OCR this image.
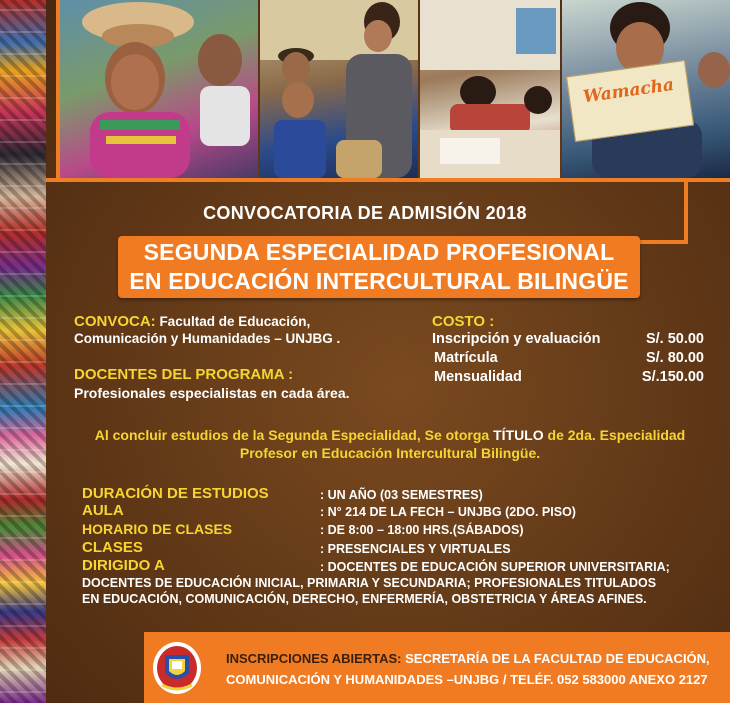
Wamacha
CONVOCATORIA DE ADMISIÓN 2018
SEGUNDA ESPECIALIDAD PROFESIONAL
EN EDUCACIÓN INTERCULTURAL BILINGÜE
CONVOCA: Facultad de Educación,
Comunicación y Humanidades – UNJBG .
DOCENTES DEL PROGRAMA :
Profesionales especialistas en cada área.
COSTO :
Inscripción y evaluación	S/. 50.00
Matrícula	S/. 80.00
Mensualidad	S/.150.00
Al concluir estudios de la Segunda Especialidad, Se otorga TÍTULO de 2da. Especialidad
Profesor en Educación Intercultural Bilingüe.
DURACIÓN DE ESTUDIOS	: UN AÑO (03 SEMESTRES)
AULA	: N° 214 DE LA FECH – UNJBG (2DO. PISO)
HORARIO DE CLASES	: DE 8:00 – 18:00 HRS.(SÁBADOS)
CLASES	: PRESENCIALES Y VIRTUALES
DIRIGIDO A	: DOCENTES DE EDUCACIÓN SUPERIOR UNIVERSITARIA;
DOCENTES DE EDUCACIÓN INICIAL, PRIMARIA Y SECUNDARIA; PROFESIONALES TITULADOS
EN EDUCACIÓN, COMUNICACIÓN, DERECHO, ENFERMERÍA, OBSTETRICIA Y ÁREAS AFINES.
INSCRIPCIONES ABIERTAS: SECRETARÍA DE LA FACULTAD DE EDUCACIÓN,
COMUNICACIÓN Y HUMANIDADES –UNJBG / TELÉF. 052 583000 ANEXO 2127
